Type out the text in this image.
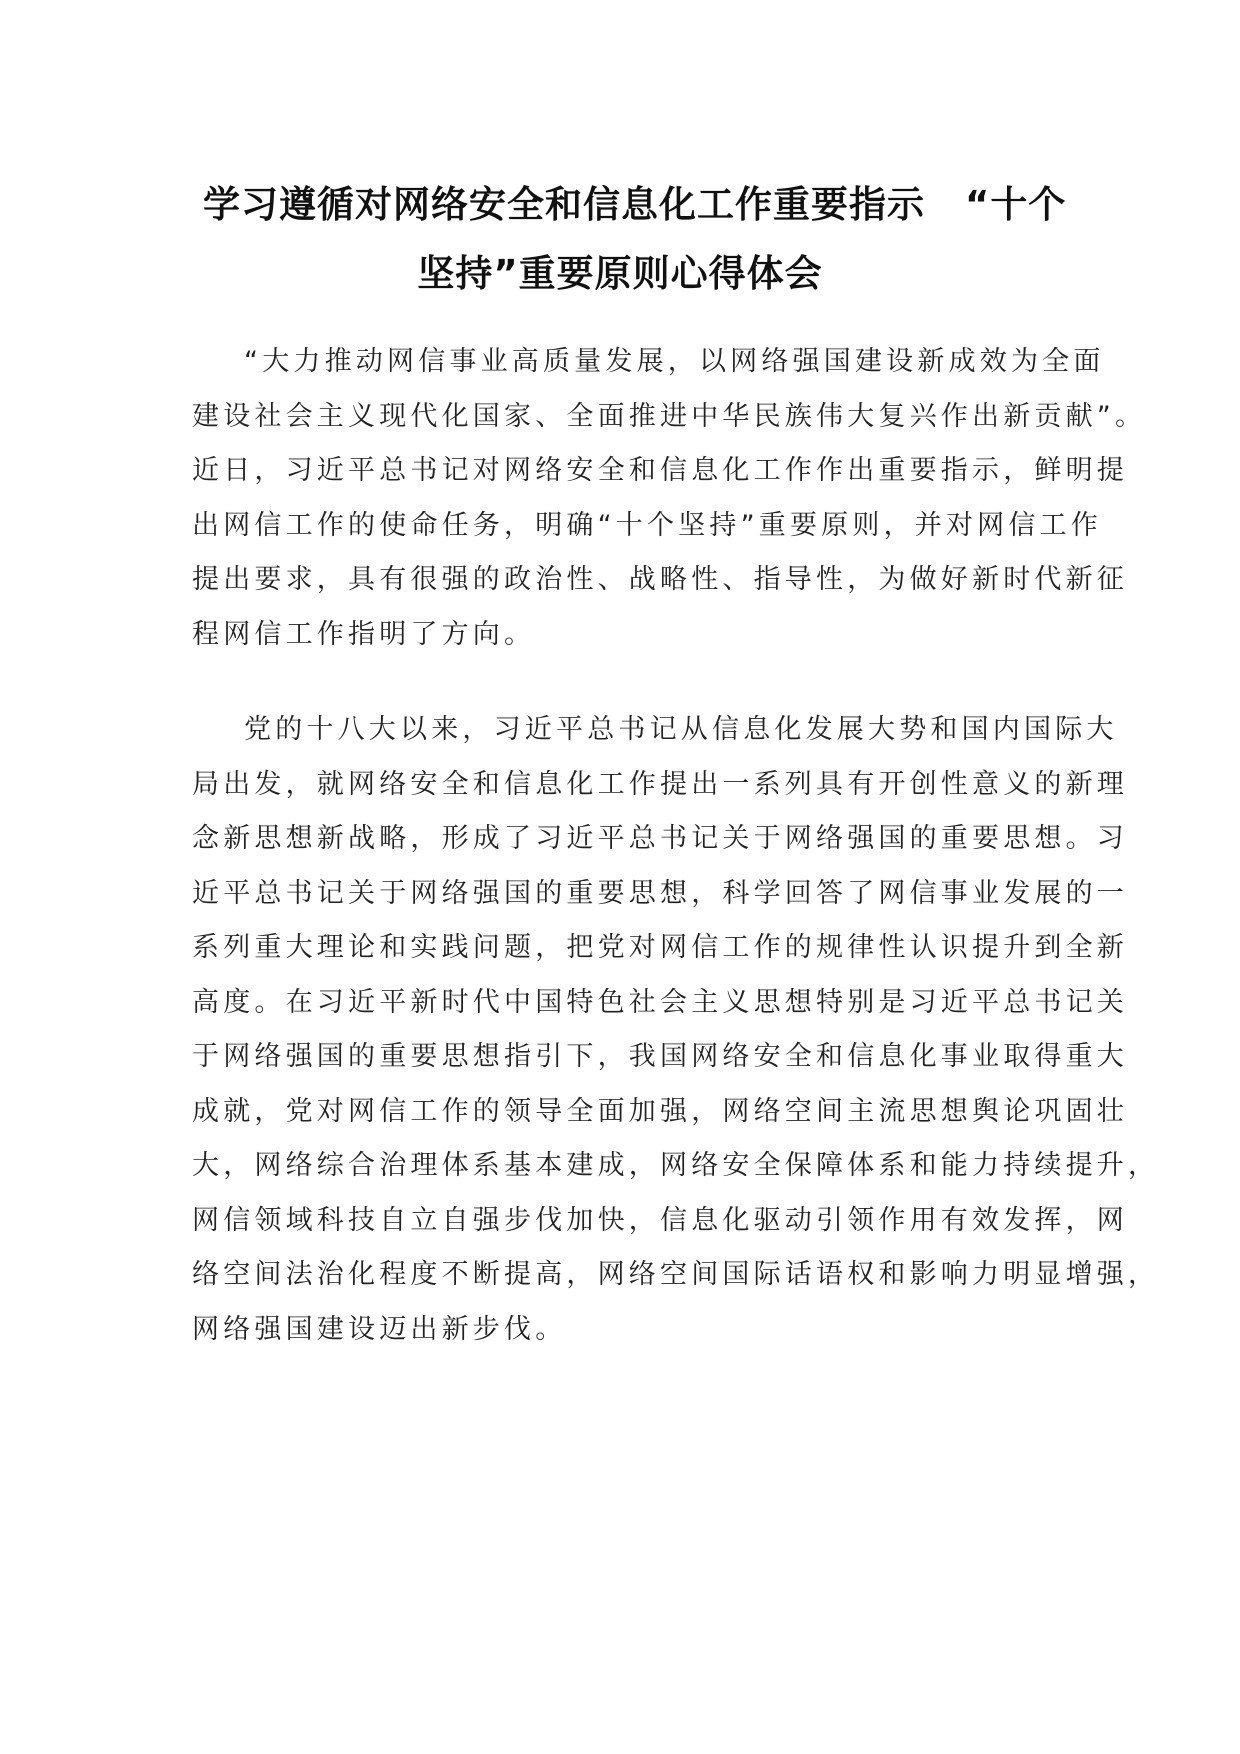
学习遵循对网络安全和信息化工作重要指示 “十个
坚持”重要原则心得体会
“大力推动网信事业高质量发展，以网络强国建设新成效为全面
建设社会主义现代化国家、全面推进中华民族伟大复兴作出新贡献”。
近日，习近平总书记对网络安全和信息化工作作出重要指示，鲜明提
出网信工作的使命任务，明确“十个坚持”重要原则，并对网信工作
提出要求，具有很强的政治性、战略性、指导性，为做好新时代新征
程网信工作指明了方向。
党的十八大以来，习近平总书记从信息化发展大势和国内国际大
局出发，就网络安全和信息化工作提出一系列具有开创性意义的新理
念新思想新战略，形成了习近平总书记关于网络强国的重要思想。习
近平总书记关于网络强国的重要思想，科学回答了网信事业发展的一
系列重大理论和实践问题，把党对网信工作的规律性认识提升到全新
高度。在习近平新时代中国特色社会主义思想特别是习近平总书记关
于网络强国的重要思想指引下，我国网络安全和信息化事业取得重大
成就，党对网信工作的领导全面加强，网络空间主流思想舆论巩固壮
大，网络综合治理体系基本建成，网络安全保障体系和能力持续提升，
网信领域科技自立自强步伐加快，信息化驱动引领作用有效发挥，网
络空间法治化程度不断提高，网络空间国际话语权和影响力明显增强，
网络强国建设迈出新步伐。
